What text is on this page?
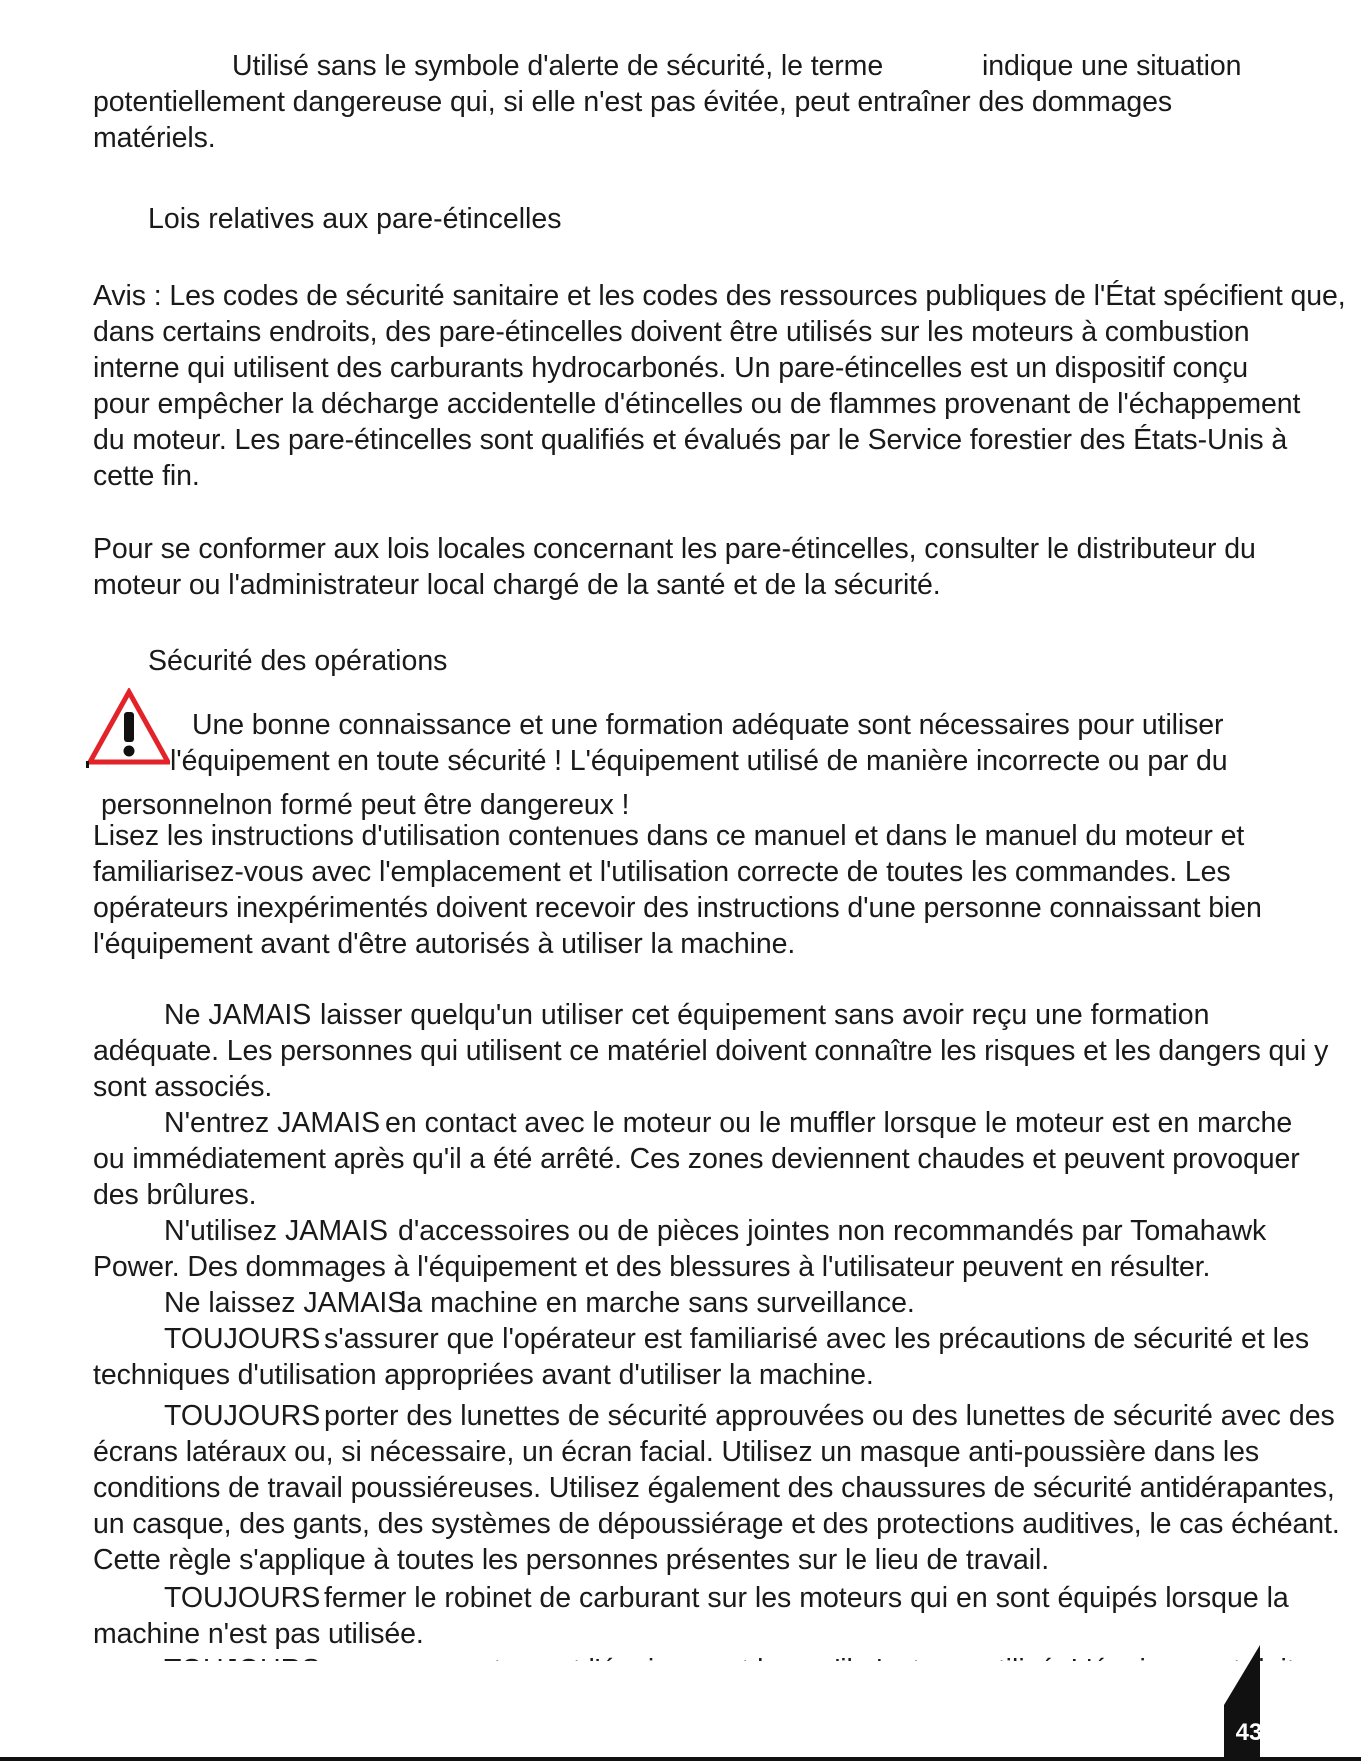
Utilisé sans le symbole d'alerte de sécurité, le terme	indique une situation
potentiellement dangereuse qui, si elle n'est pas évitée, peut entraîner des dommages
matériels.
Lois relatives aux pare-étincelles
Avis : Les codes de sécurité sanitaire et les codes des ressources publiques de l'État spécifient que,
dans certains endroits, des pare-étincelles doivent être utilisés sur les moteurs à combustion
interne qui utilisent des carburants hydrocarbonés. Un pare-étincelles est un dispositif conçu
pour empêcher la décharge accidentelle d'étincelles ou de flammes provenant de l'échappement
du moteur. Les pare-étincelles sont qualifiés et évalués par le Service forestier des États-Unis à
cette fin.
Pour se conformer aux lois locales concernant les pare-étincelles, consulter le distributeur du
moteur ou l'administrateur local chargé de la santé et de la sécurité.
Sécurité des opérations
Une bonne connaissance et une formation adéquate sont nécessaires pour utiliser
l'équipement en toute sécurité ! L'équipement utilisé de manière incorrecte ou par du
personnelnon formé peut être dangereux !
Lisez les instructions d'utilisation contenues dans ce manuel et dans le manuel du moteur et
familiarisez-vous avec l'emplacement et l'utilisation correcte de toutes les commandes. Les
opérateurs inexpérimentés doivent recevoir des instructions d'une personne connaissant bien
l'équipement avant d'être autorisés à utiliser la machine.
Ne JAMAIS laisser quelqu'un utiliser cet équipement sans avoir reçu une formation
adéquate. Les personnes qui utilisent ce matériel doivent connaître les risques et les dangers qui y
sont associés.
N'entrez JAMAIS en contact avec le moteur ou le muffler lorsque le moteur est en marche
ou immédiatement après qu'il a été arrêté. Ces zones deviennent chaudes et peuvent provoquer
des brûlures.
N'utilisez JAMAIS d'accessoires ou de pièces jointes non recommandés par Tomahawk
Power. Des dommages à l'équipement et des blessures à l'utilisateur peuvent en résulter.
Ne laissez JAMAIS
la machine en marche sans surveillance.
TOUJOURS s'assurer que l'opérateur est familiarisé avec les précautions de sécurité et les
techniques d'utilisation appropriées avant d'utiliser la machine.
TOUJOURS porter des lunettes de sécurité approuvées ou des lunettes de sécurité avec des
écrans latéraux ou, si nécessaire, un écran facial. Utilisez un masque anti-poussière dans les
conditions de travail poussiéreuses. Utilisez également des chaussures de sécurité antidérapantes,
un casque, des gants, des systèmes de dépoussiérage et des protections auditives, le cas échéant.
Cette règle s'applique à toutes les personnes présentes sur le lieu de travail.
TOUJOURS fermer le robinet de carburant sur les moteurs qui en sont équipés lorsque la
machine n'est pas utilisée.
43
